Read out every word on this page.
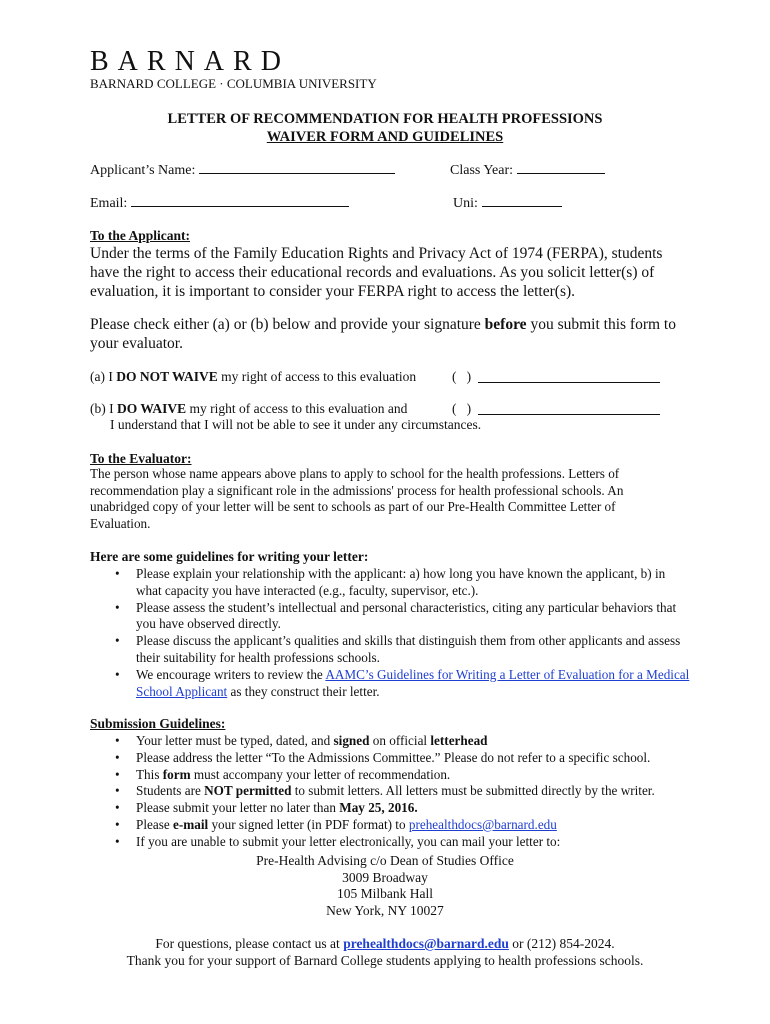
BARNARD
BARNARD COLLEGE · COLUMBIA UNIVERSITY
LETTER OF RECOMMENDATION FOR HEALTH PROFESSIONS
WAIVER FORM AND GUIDELINES
Applicant’s Name:	Class Year:
Email:	Uni:
To the Applicant:
Under the terms of the Family Education Rights and Privacy Act of 1974 (FERPA), students have the right to access their educational records and evaluations. As you solicit letter(s) of evaluation, it is important to consider your FERPA right to access the letter(s).
Please check either (a) or (b) below and provide your signature before you submit this form to your evaluator.
(a) I DO NOT WAIVE my right of access to this evaluation	(   )
(b) I DO WAIVE my right of access to this evaluation and	(   )
I understand that I will not be able to see it under any circumstances.
To the Evaluator:
The person whose name appears above plans to apply to school for the health professions. Letters of recommendation play a significant role in the admissions' process for health professional schools. An unabridged copy of your letter will be sent to schools as part of our Pre-Health Committee Letter of Evaluation.
Here are some guidelines for writing your letter:
• Please explain your relationship with the applicant: a) how long you have known the applicant, b) in what capacity you have interacted (e.g., faculty, supervisor, etc.).
• Please assess the student’s intellectual and personal characteristics, citing any particular behaviors that you have observed directly.
• Please discuss the applicant’s qualities and skills that distinguish them from other applicants and assess their suitability for health professions schools.
• We encourage writers to review the AAMC’s Guidelines for Writing a Letter of Evaluation for a Medical School Applicant as they construct their letter.
Submission Guidelines:
• Your letter must be typed, dated, and signed on official letterhead
• Please address the letter “To the Admissions Committee.” Please do not refer to a specific school.
• This form must accompany your letter of recommendation.
• Students are NOT permitted to submit letters. All letters must be submitted directly by the writer.
• Please submit your letter no later than May 25, 2016.
• Please e-mail your signed letter (in PDF format) to prehealthdocs@barnard.edu
• If you are unable to submit your letter electronically, you can mail your letter to:
Pre-Health Advising c/o Dean of Studies Office
3009 Broadway
105 Milbank Hall
New York, NY 10027
For questions, please contact us at prehealthdocs@barnard.edu or (212) 854-2024.
Thank you for your support of Barnard College students applying to health professions schools.
